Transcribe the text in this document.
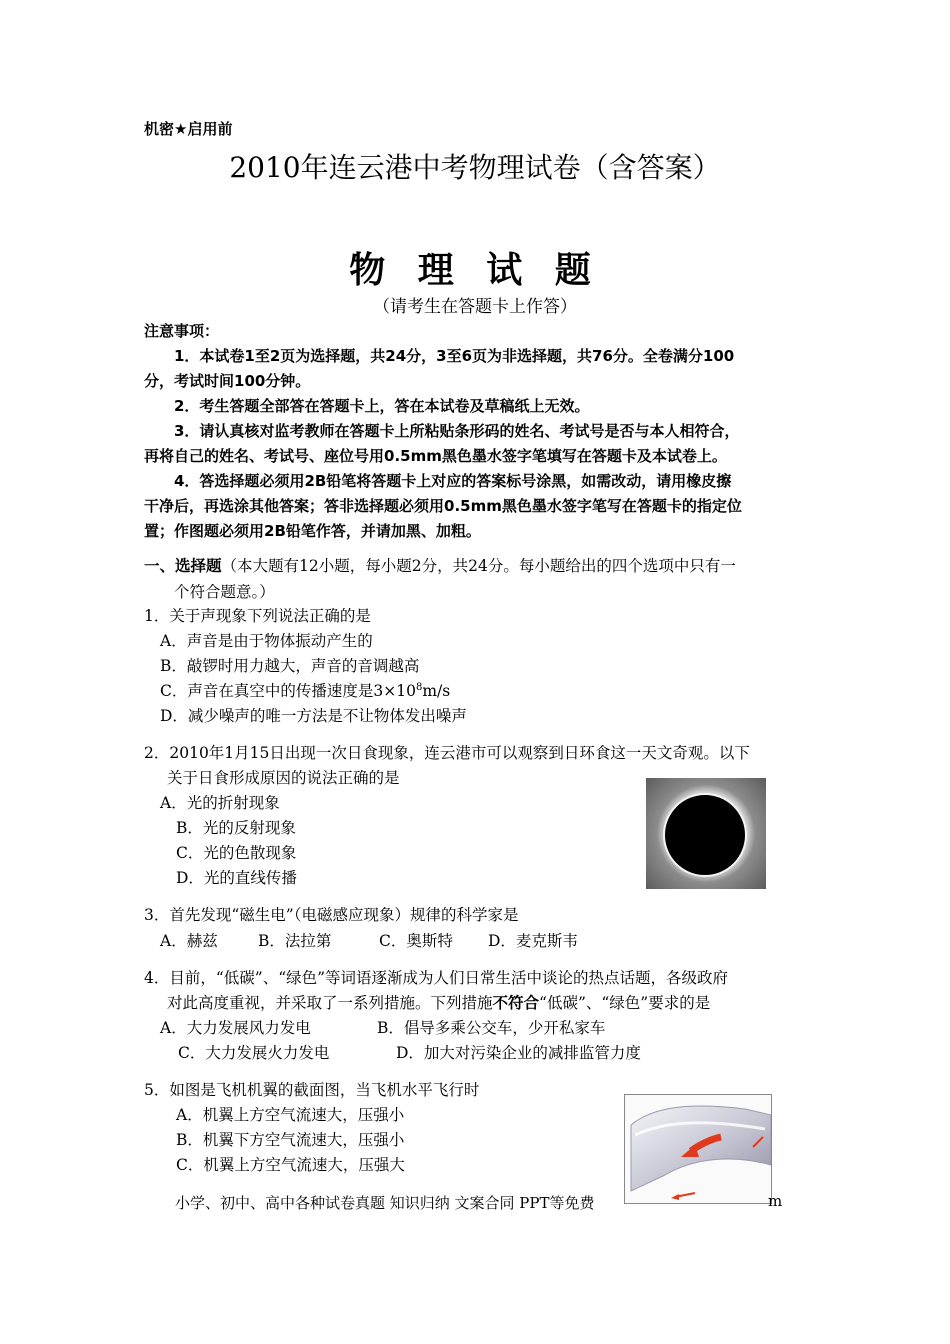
机密★启用前
2010年连云港中考物理试卷（含答案）
物 理 试 题
（请考生在答题卡上作答）
注意事项：
1．本试卷1至2页为选择题，共24分，3至6页为非选择题，共76分。全卷满分100
分，考试时间100分钟。
2．考生答题全部答在答题卡上，答在本试卷及草稿纸上无效。
3．请认真核对监考教师在答题卡上所粘贴条形码的姓名、考试号是否与本人相符合，
再将自己的姓名、考试号、座位号用0.5mm黑色墨水签字笔填写在答题卡及本试卷上。
4．答选择题必须用2B铅笔将答题卡上对应的答案标号涂黑，如需改动，请用橡皮擦
干净后，再选涂其他答案；答非选择题必须用0.5mm黑色墨水签字笔写在答题卡的指定位
置；作图题必须用2B铅笔作答，并请加黑、加粗。
一、选择题（本大题有12小题，每小题2分，共24分。每小题给出的四个选项中只有一
个符合题意。）
1．关于声现象下列说法正确的是
A．声音是由于物体振动产生的
B．敲锣时用力越大，声音的音调越高
C．声音在真空中的传播速度是$3\times 10^8m/s$
D．减少噪声的唯一方法是不让物体发出噪声
2．2010年1月15日出现一次日食现象，连云港市可以观察到日环食这一天文奇观。以下
关于日食形成原因的说法正确的是
A．光的折射现象
B．光的反射现象
C．光的色散现象
D．光的直线传播
3．首先发现“磁生电”（电磁感应现象）规律的科学家是
A．赫兹	B．法拉第	C．奥斯特 D．麦克斯韦
4．目前，“低碳”、“绿色”等词语逐渐成为人们日常生活中谈论的热点话题，各级政府
对此高度重视，并采取了一系列措施。下列措施不符合“低碳”、“绿色”要求的是
A．大力发展风力发电	B．倡导多乘公交车，少开私家车
C．大力发展火力发电	D．加大对污染企业的减排监管力度
5．如图是飞机机翼的截面图，当飞机水平飞行时
A．机翼上方空气流速大，压强小
B．机翼下方空气流速大，压强小
C．机翼上方空气流速大，压强大
小学、初中、高中各种试卷真题 知识归纳 文案合同 PPT等免费	m
